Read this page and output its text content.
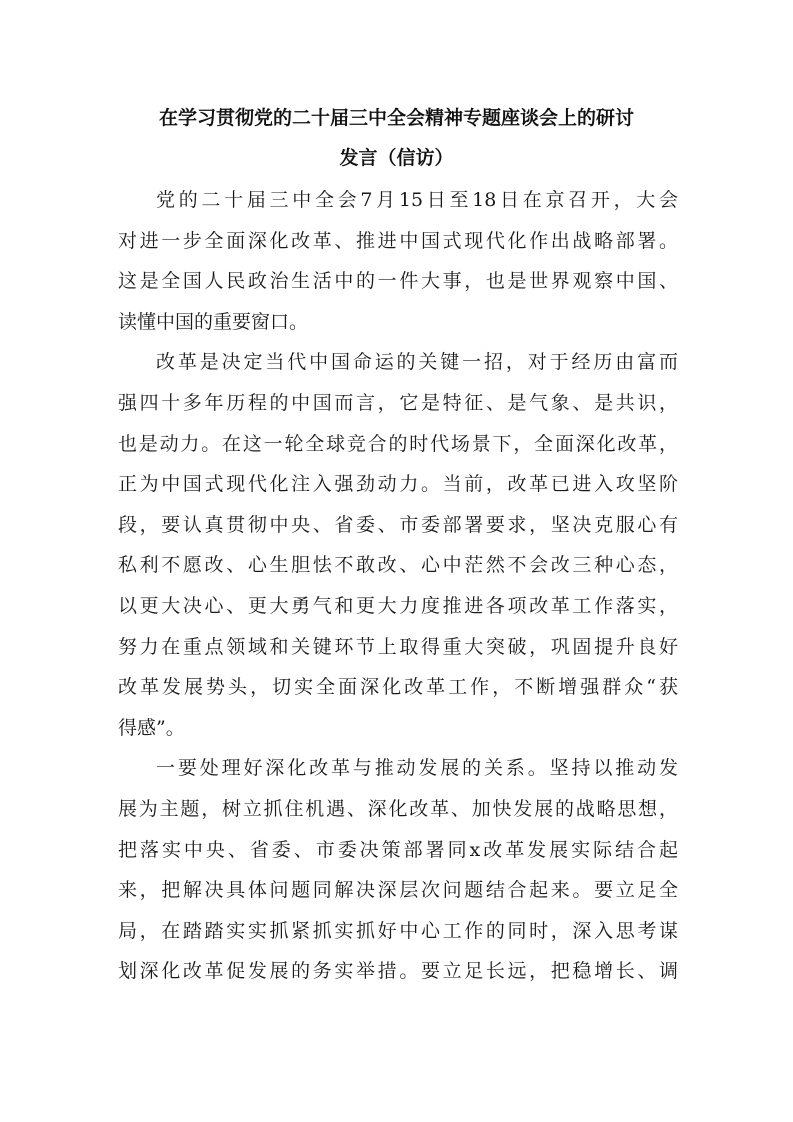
在学习贯彻党的二十届三中全会精神专题座谈会上的研讨
发言（信访）
党的二十届三中全会7月15日至18日在京召开，大会
对进一步全面深化改革、推进中国式现代化作出战略部署。
这是全国人民政治生活中的一件大事，也是世界观察中国、
读懂中国的重要窗口。
改革是决定当代中国命运的关键一招，对于经历由富而
强四十多年历程的中国而言，它是特征、是气象、是共识，
也是动力。在这一轮全球竞合的时代场景下，全面深化改革，
正为中国式现代化注入强劲动力。当前，改革已进入攻坚阶
段，要认真贯彻中央、省委、市委部署要求，坚决克服心有
私利不愿改、心生胆怯不敢改、心中茫然不会改三种心态，
以更大决心、更大勇气和更大力度推进各项改革工作落实，
努力在重点领域和关键环节上取得重大突破，巩固提升良好
改革发展势头，切实全面深化改革工作，不断增强群众“获
得感”。
一要处理好深化改革与推动发展的关系。坚持以推动发
展为主题，树立抓住机遇、深化改革、加快发展的战略思想，
把落实中央、省委、市委决策部署同x改革发展实际结合起
来，把解决具体问题同解决深层次问题结合起来。要立足全
局，在踏踏实实抓紧抓实抓好中心工作的同时，深入思考谋
划深化改革促发展的务实举措。要立足长远，把稳增长、调
